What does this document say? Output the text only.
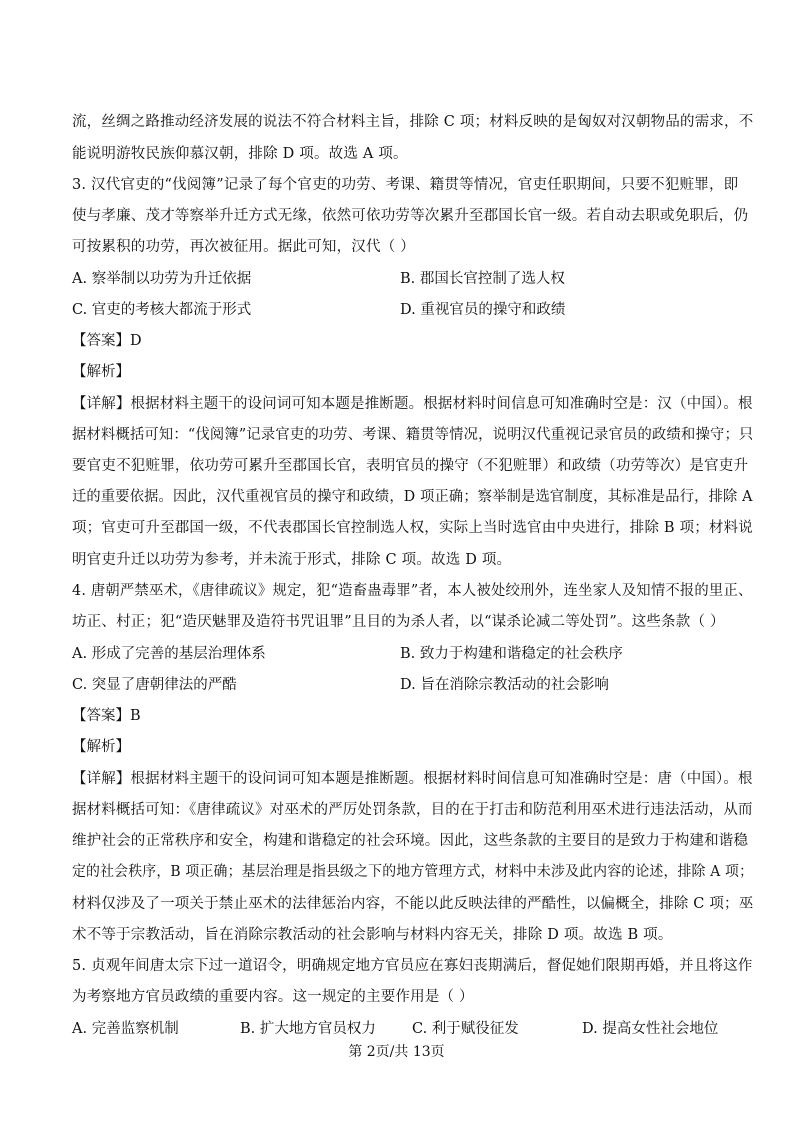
流，丝绸之路推动经济发展的说法不符合材料主旨，排除 C 项；材料反映的是匈奴对汉朝物品的需求，不
能说明游牧民族仰慕汉朝，排除 D 项。故选 A 项。
3. 汉代官吏的“伐阅簿”记录了每个官吏的功劳、考课、籍贯等情况，官吏任职期间，只要不犯赃罪，即
使与孝廉、茂才等察举升迁方式无缘，依然可依功劳等次累升至郡国长官一级。若自动去职或免职后，仍
可按累积的功劳，再次被征用。据此可知，汉代（ ）
A. 察举制以功劳为升迁依据	B. 郡国长官控制了选人权
C. 官吏的考核大都流于形式	D. 重视官员的操守和政绩
【答案】D
【解析】
【详解】根据材料主题干的设问词可知本题是推断题。根据材料时间信息可知准确时空是：汉（中国）。根
据材料概括可知：“伐阅簿”记录官吏的功劳、考课、籍贯等情况，说明汉代重视记录官员的政绩和操守；只
要官吏不犯赃罪，依功劳可累升至郡国长官，表明官员的操守（不犯赃罪）和政绩（功劳等次）是官吏升
迁的重要依据。因此，汉代重视官员的操守和政绩，D 项正确；察举制是选官制度，其标准是品行，排除 A
项；官吏可升至郡国一级，不代表郡国长官控制选人权，实际上当时选官由中央进行，排除 B 项；材料说
明官吏升迁以功劳为参考，并未流于形式，排除 C 项。故选 D 项。
4. 唐朝严禁巫术，《唐律疏议》规定，犯“造畜蛊毒罪”者，本人被处绞刑外，连坐家人及知情不报的里正、
坊正、村正；犯“造厌魅罪及造符书咒诅罪”且目的为杀人者，以“谋杀论减二等处罚”。这些条款（ ）
A. 形成了完善的基层治理体系	B. 致力于构建和谐稳定的社会秩序
C. 突显了唐朝律法的严酷	D. 旨在消除宗教活动的社会影响
【答案】B
【解析】
【详解】根据材料主题干的设问词可知本题是推断题。根据材料时间信息可知准确时空是：唐（中国）。根
据材料概括可知：《唐律疏议》对巫术的严厉处罚条款，目的在于打击和防范利用巫术进行违法活动，从而
维护社会的正常秩序和安全，构建和谐稳定的社会环境。因此，这些条款的主要目的是致力于构建和谐稳
定的社会秩序，B 项正确；基层治理是指县级之下的地方管理方式，材料中未涉及此内容的论述，排除 A 项；
材料仅涉及了一项关于禁止巫术的法律惩治内容，不能以此反映法律的严酷性，以偏概全，排除 C 项；巫
术不等于宗教活动，旨在消除宗教活动的社会影响与材料内容无关，排除 D 项。故选 B 项。
5. 贞观年间唐太宗下过一道诏令，明确规定地方官员应在寡妇丧期满后，督促她们限期再婚，并且将这作
为考察地方官员政绩的重要内容。这一规定的主要作用是（ ）
A. 完善监察机制	B. 扩大地方官员权力 C. 利于赋役征发	D. 提高女性社会地位
第 2页/共 13页
